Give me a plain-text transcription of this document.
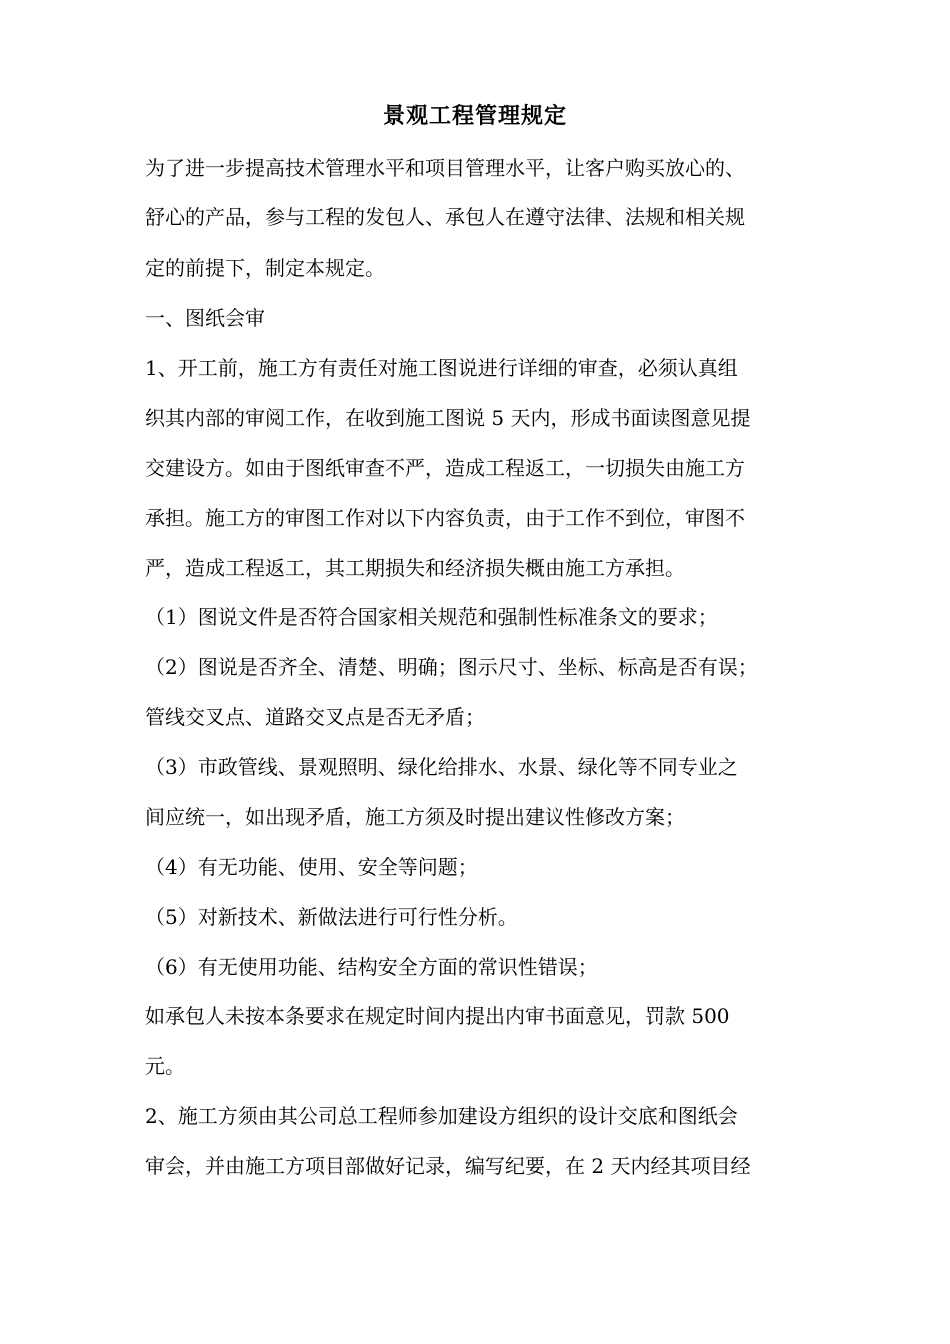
景观工程管理规定
为了进一步提高技术管理水平和项目管理水平，让客户购买放心的、
舒心的产品，参与工程的发包人、承包人在遵守法律、法规和相关规
定的前提下，制定本规定。
一、图纸会审
1、开工前，施工方有责任对施工图说进行详细的审查，必须认真组
织其内部的审阅工作，在收到施工图说 5 天内，形成书面读图意见提
交建设方。如由于图纸审查不严，造成工程返工，一切损失由施工方
承担。施工方的审图工作对以下内容负责，由于工作不到位，审图不
严，造成工程返工，其工期损失和经济损失概由施工方承担。
（1）图说文件是否符合国家相关规范和强制性标准条文的要求；
（2）图说是否齐全、清楚、明确；图示尺寸、坐标、标高是否有误；
管线交叉点、道路交叉点是否无矛盾；
（3）市政管线、景观照明、绿化给排水、水景、绿化等不同专业之
间应统一，如出现矛盾，施工方须及时提出建议性修改方案；
（4）有无功能、使用、安全等问题；
（5）对新技术、新做法进行可行性分析。
（6）有无使用功能、结构安全方面的常识性错误；
如承包人未按本条要求在规定时间内提出内审书面意见，罚款 500
元。
2、施工方须由其公司总工程师参加建设方组织的设计交底和图纸会
审会，并由施工方项目部做好记录，编写纪要，在 2 天内经其项目经
